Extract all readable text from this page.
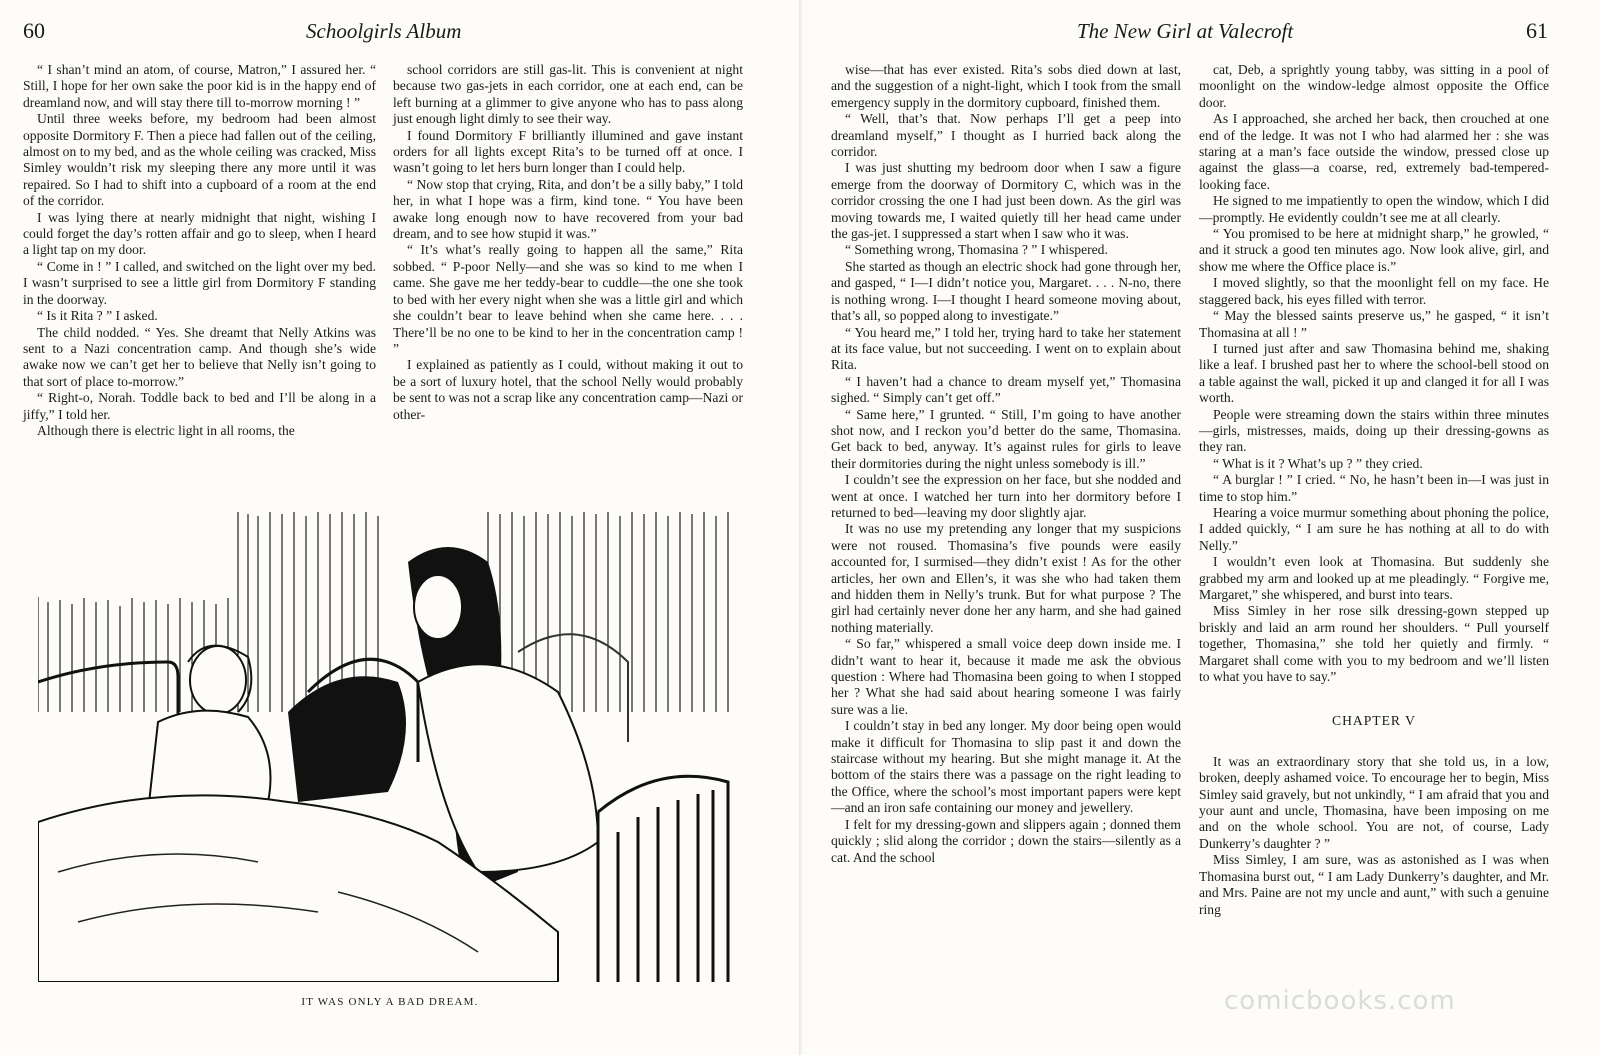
60	Schoolgirls Album

“ I shan’t mind an atom, of course, Matron,” I assured her. “ Still, I hope for her own sake the poor kid is in the happy end of dreamland now, and will stay there till to-morrow morning ! ”

Until three weeks before, my bedroom had been almost opposite Dormitory F. Then a piece had fallen out of the ceiling, almost on to my bed, and as the whole ceiling was cracked, Miss Simley wouldn’t risk my sleeping there any more until it was repaired. So I had to shift into a cupboard of a room at the end of the corridor.

I was lying there at nearly midnight that night, wishing I could forget the day’s rotten affair and go to sleep, when I heard a light tap on my door.

“ Come in ! ” I called, and switched on the light over my bed. I wasn’t surprised to see a little girl from Dormitory F standing in the doorway.

“ Is it Rita ? ” I asked.

The child nodded. “ Yes. She dreamt that Nelly Atkins was sent to a Nazi concentration camp. And though she’s wide awake now we can’t get her to believe that Nelly isn’t going to that sort of place to-morrow.”

“ Right-o, Norah. Toddle back to bed and I’ll be along in a jiffy,” I told her.

Although there is electric light in all rooms, the

school corridors are still gas-lit. This is convenient at night because two gas-jets in each corridor, one at each end, can be left burning at a glimmer to give anyone who has to pass along just enough light dimly to see their way.

I found Dormitory F brilliantly illumined and gave instant orders for all lights except Rita’s to be turned off at once. I wasn’t going to let hers burn longer than I could help.

“ Now stop that crying, Rita, and don’t be a silly baby,” I told her, in what I hope was a firm, kind tone. “ You have been awake long enough now to have recovered from your bad dream, and to see how stupid it was.”

“ It’s what’s really going to happen all the same,” Rita sobbed. “ P-poor Nelly—and she was so kind to me when I came. She gave me her teddy-bear to cuddle—the one she took to bed with her every night when she was a little girl and which she couldn’t bear to leave behind when she came here. . . . There’ll be no one to be kind to her in the concentration camp ! ”

I explained as patiently as I could, without making it out to be a sort of luxury hotel, that the school Nelly would probably be sent to was not a scrap like any concentration camp—Nazi or other-

IT WAS ONLY A BAD DREAM.
The New Girl at Valecroft	61

wise—that has ever existed. Rita’s sobs died down at last, and the suggestion of a night-light, which I took from the small emergency supply in the dormitory cupboard, finished them.

“ Well, that’s that. Now perhaps I’ll get a peep into dreamland myself,” I thought as I hurried back along the corridor.

I was just shutting my bedroom door when I saw a figure emerge from the doorway of Dormitory C, which was in the corridor crossing the one I had just been down. As the girl was moving towards me, I waited quietly till her head came under the gas-jet. I suppressed a start when I saw who it was.

“ Something wrong, Thomasina ? ” I whispered.

She started as though an electric shock had gone through her, and gasped, “ I—I didn’t notice you, Margaret. . . . N-no, there is nothing wrong. I—I thought I heard someone moving about, that’s all, so popped along to investigate.”

“ You heard me,” I told her, trying hard to take her statement at its face value, but not succeeding. I went on to explain about Rita.

“ I haven’t had a chance to dream myself yet,” Thomasina sighed. “ Simply can’t get off.”

“ Same here,” I grunted. “ Still, I’m going to have another shot now, and I reckon you’d better do the same, Thomasina. Get back to bed, anyway. It’s against rules for girls to leave their dormitories during the night unless somebody is ill.”

I couldn’t see the expression on her face, but she nodded and went at once. I watched her turn into her dormitory before I returned to bed—leaving my door slightly ajar.

It was no use my pretending any longer that my suspicions were not roused. Thomasina’s five pounds were easily accounted for, I surmised—they didn’t exist ! As for the other articles, her own and Ellen’s, it was she who had taken them and hidden them in Nelly’s trunk. But for what purpose ? The girl had certainly never done her any harm, and she had gained nothing materially.

“ So far,” whispered a small voice deep down inside me. I didn’t want to hear it, because it made me ask the obvious question : Where had Thomasina been going to when I stopped her ? What she had said about hearing someone I was fairly sure was a lie.

I couldn’t stay in bed any longer. My door being open would make it difficult for Thomasina to slip past it and down the staircase without my hearing. But she might manage it. At the bottom of the stairs there was a passage on the right leading to the Office, where the school’s most important papers were kept—and an iron safe containing our money and jewellery.

I felt for my dressing-gown and slippers again ; donned them quickly ; slid along the corridor ; down the stairs—silently as a cat. And the school

cat, Deb, a sprightly young tabby, was sitting in a pool of moonlight on the window-ledge almost opposite the Office door.

As I approached, she arched her back, then crouched at one end of the ledge. It was not I who had alarmed her : she was staring at a man’s face outside the window, pressed close up against the glass—a coarse, red, extremely bad-tempered-looking face.

He signed to me impatiently to open the window, which I did—promptly. He evidently couldn’t see me at all clearly.

“ You promised to be here at midnight sharp,” he growled, “ and it struck a good ten minutes ago. Now look alive, girl, and show me where the Office place is.”

I moved slightly, so that the moonlight fell on my face. He staggered back, his eyes filled with terror.

“ May the blessed saints preserve us,” he gasped, “ it isn’t Thomasina at all ! ”

I turned just after and saw Thomasina behind me, shaking like a leaf. I brushed past her to where the school-bell stood on a table against the wall, picked it up and clanged it for all I was worth.

People were streaming down the stairs within three minutes—girls, mistresses, maids, doing up their dressing-gowns as they ran.

“ What is it ? What’s up ? ” they cried.

“ A burglar ! ” I cried. “ No, he hasn’t been in—I was just in time to stop him.”

Hearing a voice murmur something about phoning the police, I added quickly, “ I am sure he has nothing at all to do with Nelly.”

I wouldn’t even look at Thomasina. But suddenly she grabbed my arm and looked up at me pleadingly. “ Forgive me, Margaret,” she whispered, and burst into tears.

Miss Simley in her rose silk dressing-gown stepped up briskly and laid an arm round her shoulders. “ Pull yourself together, Thomasina,” she told her quietly and firmly. “ Margaret shall come with you to my bedroom and we’ll listen to what you have to say.”

CHAPTER V

It was an extraordinary story that she told us, in a low, broken, deeply ashamed voice. To encourage her to begin, Miss Simley said gravely, but not unkindly, “ I am afraid that you and your aunt and uncle, Thomasina, have been imposing on me and on the whole school. You are not, of course, Lady Dunkerry’s daughter ? ”

Miss Simley, I am sure, was as astonished as I was when Thomasina burst out, “ I am Lady Dunkerry’s daughter, and Mr. and Mrs. Paine are not my uncle and aunt,” with such a genuine ring

comicbooks.com
